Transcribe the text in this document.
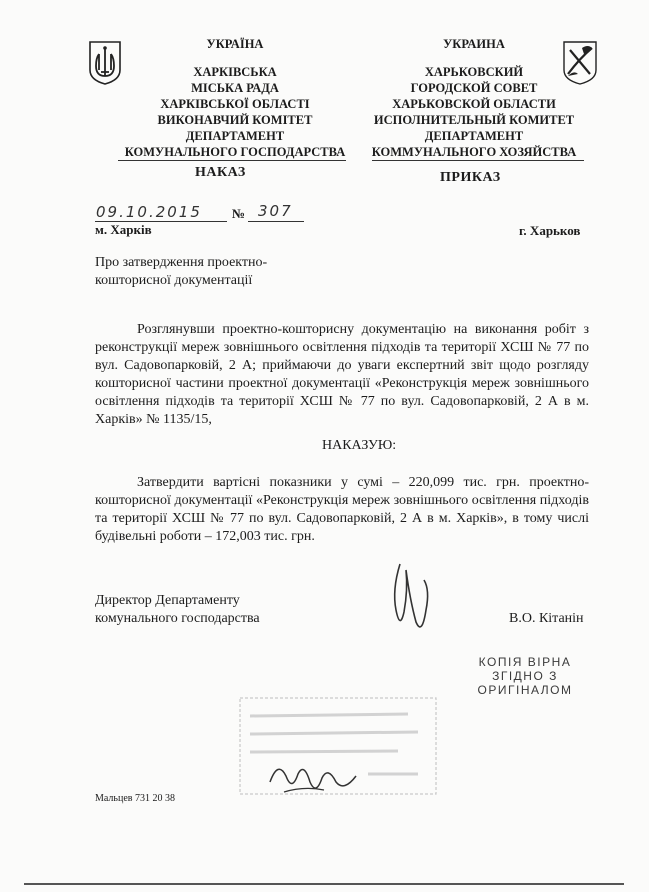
УКРАЇНА
ХАРКІВСЬКА
МІСЬКА РАДА
ХАРКІВСЬКОЇ ОБЛАСТІ
ВИКОНАВЧИЙ КОМІТЕТ
ДЕПАРТАМЕНТ
КОМУНАЛЬНОГО ГОСПОДАРСТВА
НАКАЗ
УКРАИНА
ХАРЬКОВСКИЙ
ГОРОДСКОЙ СОВЕТ
ХАРЬКОВСКОЙ ОБЛАСТИ
ИСПОЛНИТЕЛЬНЫЙ КОМИТЕТ
ДЕПАРТАМЕНТ
КОММУНАЛЬНОГО ХОЗЯЙСТВА
ПРИКАЗ
09.10.2015 № 307
м. Харків	г. Харьков
Про затвердження проектно-
кошторисної документації
Розглянувши проектно-кошторисну документацію на виконання робіт з реконструкції мереж зовнішнього освітлення підходів та території ХСШ № 77 по вул. Садовопарковій, 2 А; приймаючи до уваги експертний звіт щодо розгляду кошторисної частини проектної документації «Реконструкція мереж зовнішнього освітлення підходів та території ХСШ № 77 по вул. Садовопарковій, 2 А в м. Харків» № 1135/15,
НАКАЗУЮ:
Затвердити вартісні показники у сумі – 220,099 тис. грн. проектно-кошторисної документації «Реконструкція мереж зовнішнього освітлення підходів та території ХСШ № 77 по вул. Садовопарковій, 2 А в м. Харків», в тому числі будівельні роботи – 172,003 тис. грн.
Директор Департаменту
комунального господарства	В.О. Кітанін
КОПІЯ ВІРНА
ЗГІДНО З
ОРИГІНАЛОМ
Мальцев 731 20 38
